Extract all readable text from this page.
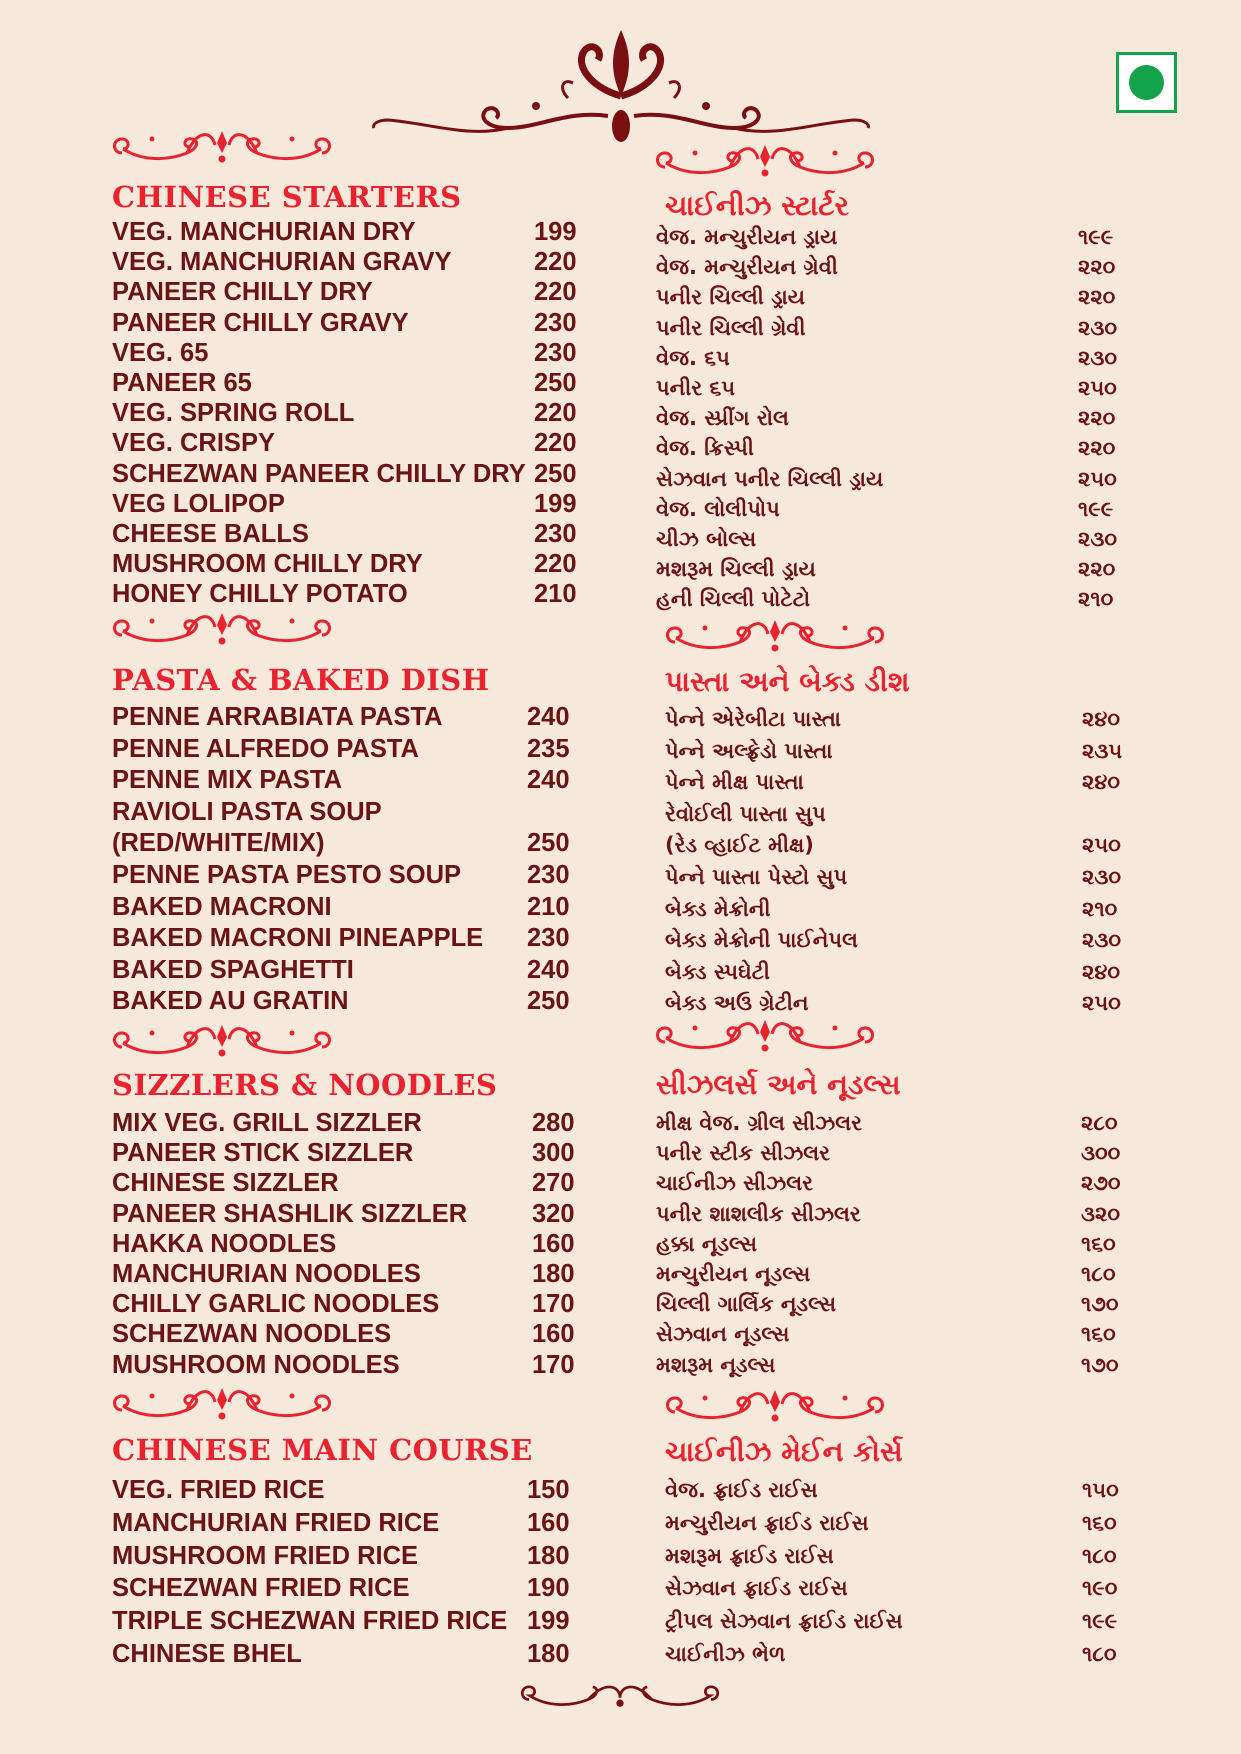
CHINESE STARTERS	ચાઈનીઝ સ્ટાર્ટર
VEG. MANCHURIAN DRY	199
VEG. MANCHURIAN GRAVY	220
PANEER CHILLY DRY	220
PANEER CHILLY GRAVY	230
VEG. 65	230
PANEER 65	250
VEG. SPRING ROLL	220
VEG. CRISPY	220
SCHEZWAN PANEER CHILLY DRY 250
VEG LOLIPOP	199
CHEESE BALLS	230
MUSHROOM CHILLY DRY	220
HONEY CHILLY POTATO	210
વેજ. મન્ચુરીયન ડ્રાય	૧૯૯
વેજ. મન્ચુરીયન ગ્રેવી	૨૨૦
પનીર ચિલ્લી ડ્રાય	૨૨૦
પનીર ચિલ્લી ગ્રેવી	૨૩૦
વેજ. ૬૫	૨૩૦
પનીર ૬૫	૨૫૦
વેજ. સ્પ્રીંગ રોલ	૨૨૦
વેજ. ક્રિસ્પી	૨૨૦
સેઝવાન પનીર ચિલ્લી ડ્રાય	૨૫૦
વેજ. લોલીપોપ	૧૯૯
ચીઝ બોલ્સ	૨૩૦
મશરૂમ ચિલ્લી ડ્રાય	૨૨૦
હની ચિલ્લી પોટેટો	૨૧૦
PASTA & BAKED DISH	પાસ્તા અને બેક્ડ ડીશ
PENNE ARRABIATA PASTA	240
PENNE ALFREDO PASTA	235
PENNE MIX PASTA	240
RAVIOLI PASTA SOUP
(RED/WHITE/MIX)	250
PENNE PASTA PESTO SOUP	230
BAKED MACRONI	210
BAKED MACRONI PINEAPPLE 230
BAKED SPAGHETTI	240
BAKED AU GRATIN	250
પેન્ને એરેબીટા પાસ્તા	૨૪૦
પેન્ને અલ્ફ્રેડો પાસ્તા	૨૩૫
પેન્ને મીક્ષ પાસ્તા	૨૪૦
રેવોઈલી પાસ્તા સુપ
(રેડ વ્હાઈટ મીક્ષ)	૨૫૦
પેન્ને પાસ્તા પેસ્ટો સુપ	૨૩૦
બેક્ડ મેક્રોની	૨૧૦
બેક્ડ મેક્રોની પાઈનેપલ	૨૩૦
બેક્ડ સ્પઘેટી	૨૪૦
બેક્ડ અઉ ગ્રેટીન	૨૫૦
SIZZLERS & NOODLES	સીઝલર્સ અને નૂડલ્સ
MIX VEG. GRILL SIZZLER	280
PANEER STICK SIZZLER	300
CHINESE SIZZLER	270
PANEER SHASHLIK SIZZLER	320
HAKKA NOODLES	160
MANCHURIAN NOODLES	180
CHILLY GARLIC NOODLES	170
SCHEZWAN NOODLES	160
MUSHROOM NOODLES	170
મીક્ષ વેજ. ગ્રીલ સીઝલર	૨૮૦
પનીર સ્ટીક સીઝલર	૩૦૦
ચાઈનીઝ સીઝલર	૨૭૦
પનીર શાશલીક સીઝલર	૩૨૦
હક્કા નૂડલ્સ	૧૬૦
મન્ચુરીયન નૂડલ્સ	૧૮૦
ચિલ્લી ગાર્લિક નૂડલ્સ	૧૭૦
સેઝવાન નૂડલ્સ	૧૬૦
મશરૂમ નૂડલ્સ	૧૭૦
CHINESE MAIN COURSE	ચાઈનીઝ મેઈન કોર્સ
VEG. FRIED RICE	150
MANCHURIAN FRIED RICE	160
MUSHROOM FRIED RICE	180
SCHEZWAN FRIED RICE	190
TRIPLE SCHEZWAN FRIED RICE 199
CHINESE BHEL	180
વેજ. ફ્રાઈડ રાઈસ	૧૫૦
મન્ચુરીયન ફ્રાઈડ રાઈસ	૧૬૦
મશરૂમ ફ્રાઈડ રાઈસ	૧૮૦
સેઝવાન ફ્રાઈડ રાઈસ	૧૯૦
ટ્રીપલ સેઝવાન ફ્રાઈડ રાઈસ	૧૯૯
ચાઈનીઝ ભેળ	૧૮૦
